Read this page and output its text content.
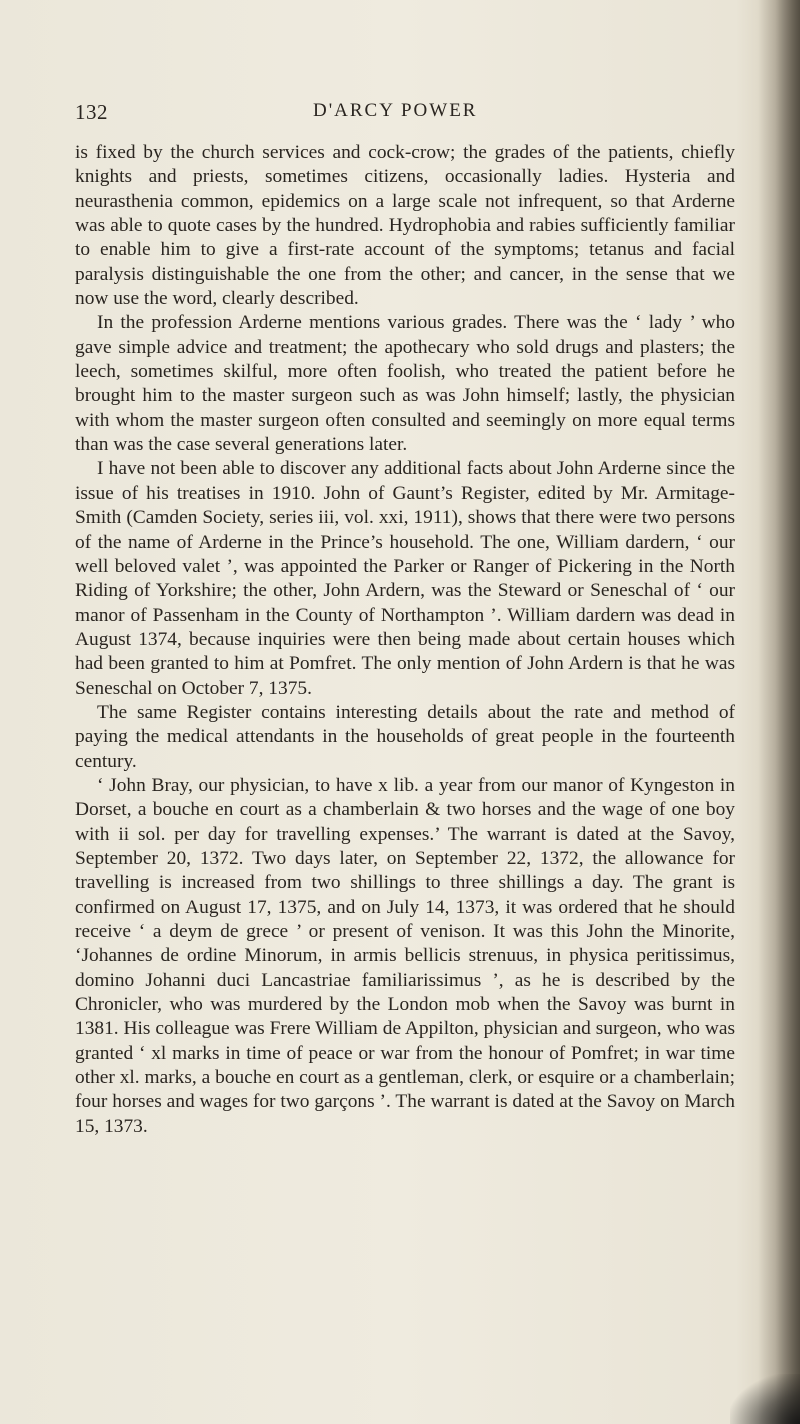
132	D'ARCY POWER

is fixed by the church services and cock-crow; the grades of the patients, chiefly knights and priests, sometimes citizens, occasionally ladies. Hysteria and neurasthenia common, epidemics on a large scale not infrequent, so that Arderne was able to quote cases by the hundred. Hydrophobia and rabies sufficiently familiar to enable him to give a first-rate account of the symptoms; tetanus and facial paralysis distinguishable the one from the other; and cancer, in the sense that we now use the word, clearly described.

In the profession Arderne mentions various grades. There was the ‘ lady ’ who gave simple advice and treatment; the apothecary who sold drugs and plasters; the leech, sometimes skilful, more often foolish, who treated the patient before he brought him to the master surgeon such as was John himself; lastly, the physician with whom the master surgeon often consulted and seemingly on more equal terms than was the case several generations later.

I have not been able to discover any additional facts about John Arderne since the issue of his treatises in 1910. John of Gaunt’s Register, edited by Mr. Armitage-Smith (Camden Society, series iii, vol. xxi, 1911), shows that there were two persons of the name of Arderne in the Prince’s household. The one, William dardern, ‘ our well beloved valet ’, was appointed the Parker or Ranger of Pickering in the North Riding of Yorkshire; the other, John Ardern, was the Steward or Seneschal of ‘ our manor of Passenham in the County of Northampton ’. William dardern was dead in August 1374, because inquiries were then being made about certain houses which had been granted to him at Pomfret. The only mention of John Ardern is that he was Seneschal on October 7, 1375.

The same Register contains interesting details about the rate and method of paying the medical attendants in the households of great people in the fourteenth century.

‘ John Bray, our physician, to have x lib. a year from our manor of Kyngeston in Dorset, a bouche en court as a chamberlain & two horses and the wage of one boy with ii sol. per day for travelling expenses.’ The warrant is dated at the Savoy, September 20, 1372. Two days later, on September 22, 1372, the allowance for travelling is increased from two shillings to three shillings a day. The grant is confirmed on August 17, 1375, and on July 14, 1373, it was ordered that he should receive ‘ a deym de grece ’ or present of venison. It was this John the Minorite, ‘Johannes de ordine Minorum, in armis bellicis strenuus, in physica peritissimus, domino Johanni duci Lancastriae familiarissimus ’, as he is described by the Chronicler, who was murdered by the London mob when the Savoy was burnt in 1381. His colleague was Frere William de Appilton, physician and surgeon, who was granted ‘ xl marks in time of peace or war from the honour of Pomfret; in war time other xl. marks, a bouche en court as a gentleman, clerk, or esquire or a chamberlain; four horses and wages for two garçons ’. The warrant is dated at the Savoy on March 15, 1373.
